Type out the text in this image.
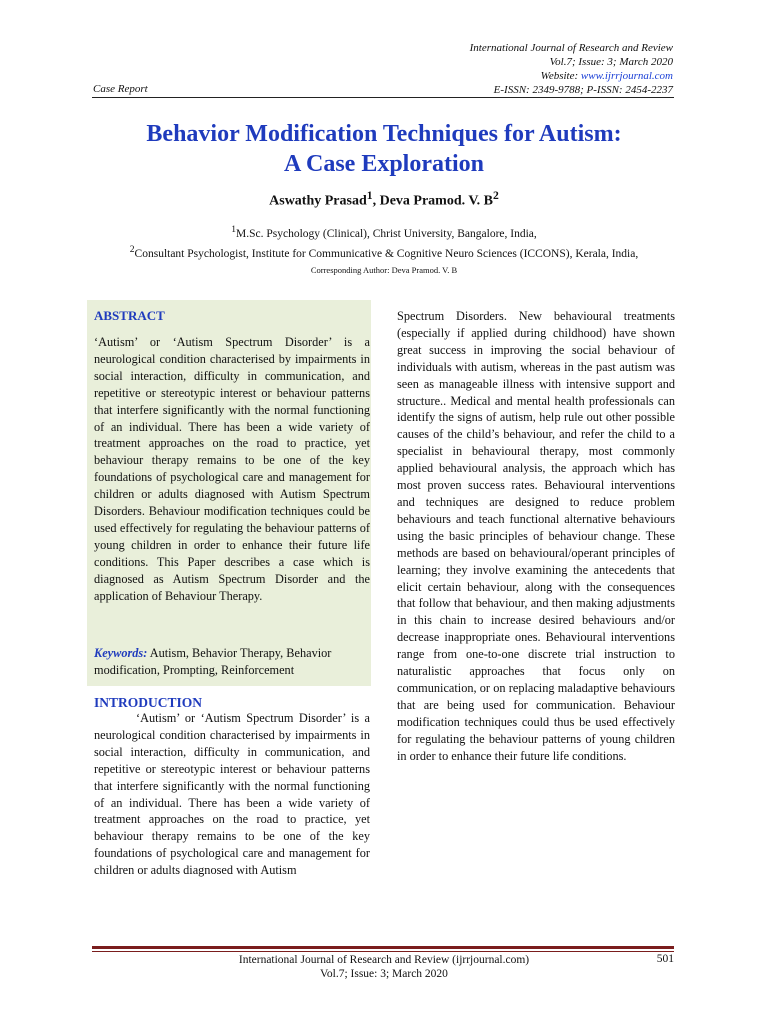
International Journal of Research and Review
Vol.7; Issue: 3; March 2020
Website: www.ijrrjournal.com
E-ISSN: 2349-9788; P-ISSN: 2454-2237
Case Report
Behavior Modification Techniques for Autism:
A Case Exploration
Aswathy Prasad$^1$, Deva Pramod. V. $B^2$
$^1$M.Sc. Psychology (Clinical), Christ University, Bangalore, India,
$^2$Consultant Psychologist, Institute for Communicative & Cognitive Neuro Sciences (ICCONS), Kerala, India,
Corresponding Author: Deva Pramod. V. B
ABSTRACT

‘Autism’ or ‘Autism Spectrum Disorder’ is a neurological condition characterised by impairments in social interaction, difficulty in communication, and repetitive or stereotypic interest or behaviour patterns that interfere significantly with the normal functioning of an individual. There has been a wide variety of treatment approaches on the road to practice, yet behaviour therapy remains to be one of the key foundations of psychological care and management for children or adults diagnosed with Autism Spectrum Disorders. Behaviour modification techniques could be used effectively for regulating the behaviour patterns of young children in order to enhance their future life conditions. This Paper describes a case which is diagnosed as Autism Spectrum Disorder and the application of Behaviour Therapy.

Keywords: Autism, Behavior Therapy, Behavior modification, Prompting, Reinforcement

INTRODUCTION

‘Autism’ or ‘Autism Spectrum Disorder’ is a neurological condition characterised by impairments in social interaction, difficulty in communication, and repetitive or stereotypic interest or behaviour patterns that interfere significantly with the normal functioning of an individual. There has been a wide variety of treatment approaches on the road to practice, yet behaviour therapy remains to be one of the key foundations of psychological care and management for children or adults diagnosed with Autism

Spectrum Disorders. New behavioural treatments (especially if applied during childhood) have shown great success in improving the social behaviour of individuals with autism, whereas in the past autism was seen as manageable illness with intensive support and structure.. Medical and mental health professionals can identify the signs of autism, help rule out other possible causes of the child’s behaviour, and refer the child to a specialist in behavioural therapy, most commonly applied behavioural analysis, the approach which has most proven success rates. Behavioural interventions and techniques are designed to reduce problem behaviours and teach functional alternative behaviours using the basic principles of behaviour change. These methods are based on behavioural/operant principles of learning; they involve examining the antecedents that elicit certain behaviour, along with the consequences that follow that behaviour, and then making adjustments in this chain to increase desired behaviours and/or decrease inappropriate ones. Behavioural interventions range from one-to-one discrete trial instruction to naturalistic approaches that focus only on communication, or on replacing maladaptive behaviours that are being used for communication. Behaviour modification techniques could thus be used effectively for regulating the behaviour patterns of young children in order to enhance their future life conditions.

International Journal of Research and Review (ijrrjournal.com)
Vol.7; Issue: 3; March 2020
501
